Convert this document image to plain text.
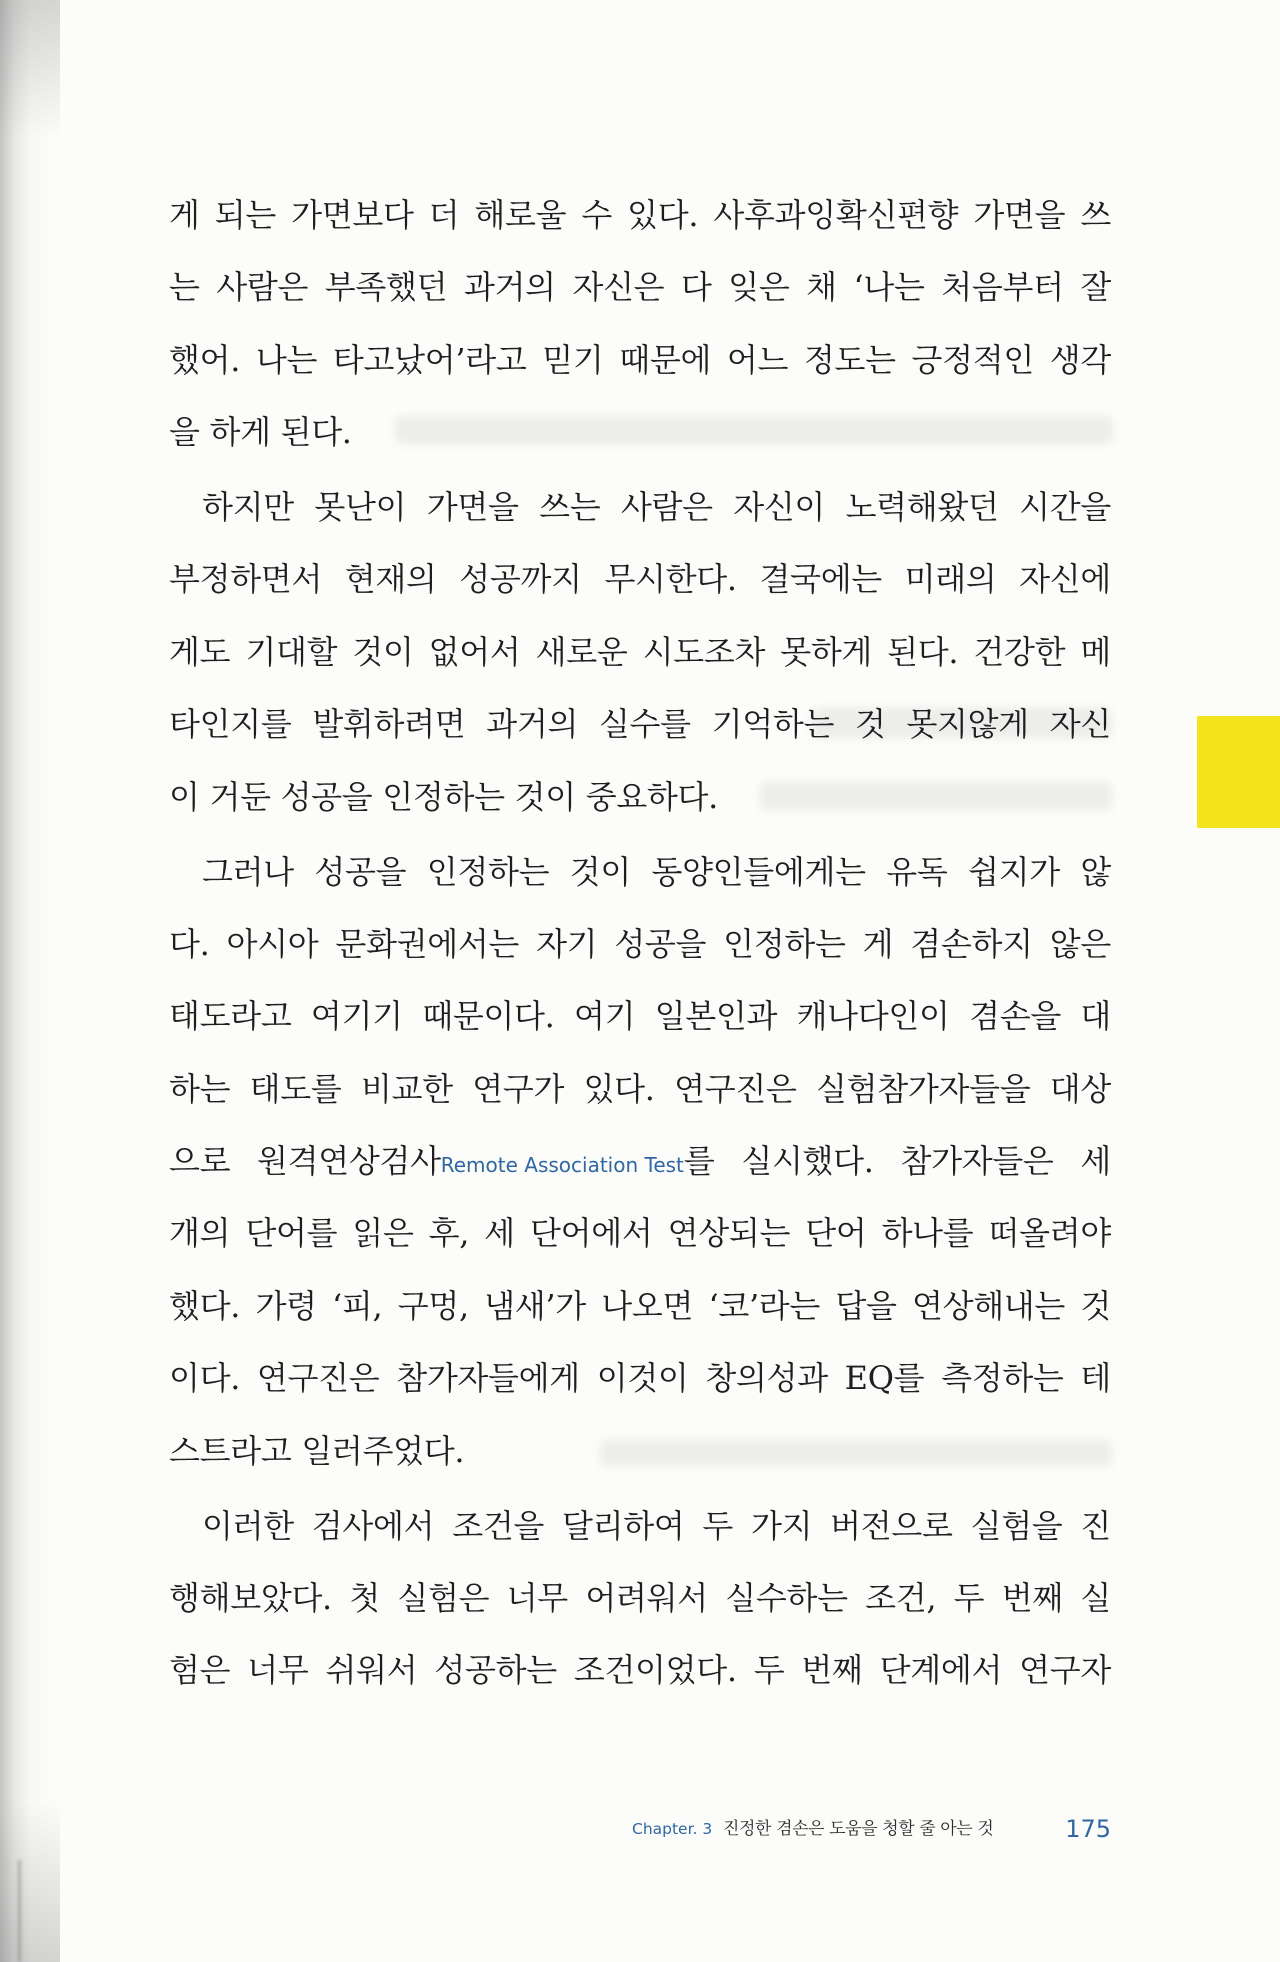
게 되는 가면보다 더 해로울 수 있다. 사후과잉확신편향 가면을 쓰
는 사람은 부족했던 과거의 자신은 다 잊은 채 ‘나는 처음부터 잘
했어. 나는 타고났어’라고 믿기 때문에 어느 정도는 긍정적인 생각
을 하게 된다.
하지만 못난이 가면을 쓰는 사람은 자신이 노력해왔던 시간을
부정하면서 현재의 성공까지 무시한다. 결국에는 미래의 자신에
게도 기대할 것이 없어서 새로운 시도조차 못하게 된다. 건강한 메
타인지를 발휘하려면 과거의 실수를 기억하는 것 못지않게 자신
이 거둔 성공을 인정하는 것이 중요하다.
그러나 성공을 인정하는 것이 동양인들에게는 유독 쉽지가 않
다. 아시아 문화권에서는 자기 성공을 인정하는 게 겸손하지 않은
태도라고 여기기 때문이다. 여기 일본인과 캐나다인이 겸손을 대
하는 태도를 비교한 연구가 있다. 연구진은 실험참가자들을 대상
으로 원격연상검사Remote Association Test를 실시했다. 참가자들은 세
개의 단어를 읽은 후, 세 단어에서 연상되는 단어 하나를 떠올려야
했다. 가령 ‘피, 구멍, 냄새’가 나오면 ‘코’라는 답을 연상해내는 것
이다. 연구진은 참가자들에게 이것이 창의성과 EQ를 측정하는 테
스트라고 일러주었다.
이러한 검사에서 조건을 달리하여 두 가지 버전으로 실험을 진
행해보았다. 첫 실험은 너무 어려워서 실수하는 조건, 두 번째 실
험은 너무 쉬워서 성공하는 조건이었다. 두 번째 단계에서 연구자
Chapter. 3 진정한 겸손은 도움을 청할 줄 아는 것	175
